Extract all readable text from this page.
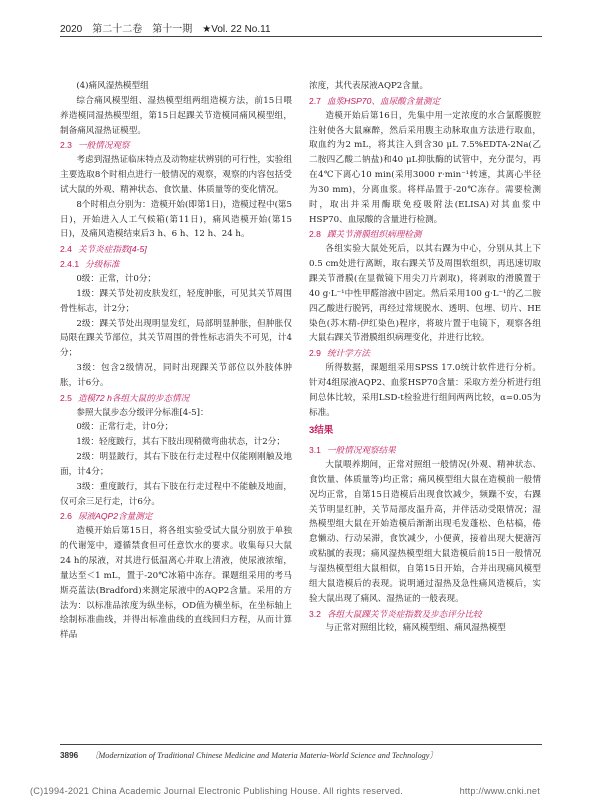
2020　第二十二卷　第十一期　★Vol. 22 No.11

(4)痛风湿热模型组

综合痛风模型组、湿热模型组两组造模方法，前15日喂养造模同湿热模型组，第15日起踝关节造模同痛风模型组，制备痛风湿热证模型。

2.3 一般情况观察

考虑到湿热证临床特点及动物症状辨别的可行性，实验组主要选取8个时相点进行一般情况的观察，观察的内容包括受试大鼠的外观、精神状态、食饮量、体质量等的变化情况。

8个时相点分别为：造模开始(即第1日)，造模过程中(第5日)，开始进入人工气候箱(第11日)，痛风造模开始(第15日)，及痛风造模结束后3 h、6 h、12 h、24 h。

2.4 关节炎症指数[4-5]
2.4.1 分级标准

0级：正常，计0分；

1级：踝关节处初皮肤发红，轻度肿胀，可见其关节周围骨性标志，计2分；

2级：踝关节处出现明显发红，局部明显肿胀，但肿胀仅局限在踝关节部位，其关节周围的骨性标志消失不可见，计4分；

3级：包含2级情况，同时出现踝关节部位以外肢体肿胀，计6分。

2.5 造模72 h各组大鼠的步态情况

参照大鼠步态分级评分标准[4-5]：

0级：正常行走，计0分；

1级：轻度跛行，其右下肢出现稍微弯曲状态，计2分；

2级：明显跛行，其右下肢在行走过程中仅能刚刚触及地面，计4分；

3级：重度跛行，其右下肢在行走过程中不能触及地面，仅可余三足行走，计6分。

2.6 尿液AQP2含量测定

造模开始后第15日，将各组实验受试大鼠分别放于单独的代谢笼中，遵循禁食但可任意饮水的要求。收集每只大鼠24 h的尿液，对其进行低温离心并取上清液，使尿液浓缩，量达至＜1 mL，置于-20℃冰箱中冻存。课题组采用的考马斯亮蓝法(Bradford)来测定尿液中的AQP2含量。采用的方法为：以标准品浓度为纵坐标，OD值为横坐标，在坐标轴上绘制标准曲线，并得出标准曲线的直线回归方程，从而计算样品

浓度，其代表尿液AQP2含量。

2.7 血浆HSP70、血尿酸含量测定

造模开始后第16日，先集中用一定浓度的水合氯醛腹腔注射使各大鼠麻醉，然后采用腹主动脉取血方法进行取血，取血约为2 mL，将其注入到含30 μL 7.5%EDTA-2Na(乙二胺四乙酸二钠盐)和40 μL抑肽酶的试管中，充分混匀，再在4℃下离心10 min(采用3000 r·min⁻¹转速，其离心半径为30 mm)，分离血浆。将样品置于-20℃冻存。需要检测时，取出并采用酶联免疫吸附法(ELISA)对其血浆中HSP70、血尿酸的含量进行检测。

2.8 踝关节滑膜组织病理检测

各组实验大鼠处死后，以其右踝为中心，分别从其上下0.5 cm处进行离断，取右踝关节及周围软组织，再迅速切取踝关节滑膜(在显微镜下用尖刀片剥取)，将剥取的滑膜置于40 g·L⁻¹中性甲醛溶液中固定。然后采用100 g·L⁻¹的乙二胺四乙酸进行脱钙，再经过常规脱水、透明、包埋、切片、HE染色(苏木精-伊红染色)程序，将玻片置于电镜下，观察各组大鼠右踝关节滑膜组织病理变化，并进行比较。

2.9 统计学方法

所得数据，课题组采用SPSS 17.0统计软件进行分析。针对4组尿液AQP2、血浆HSP70含量：采取方差分析进行组间总体比较，采用LSD-t检验进行组间两两比较，α=0.05为标准。

3结果
3.1 一般情况观察结果

大鼠喂养期间，正常对照组一般情况(外观、精神状态、食饮量、体质量等)均正常；痛风模型组大鼠在造模前一般情况均正常，自第15日造模后出现食饮减少，频躁不安，右踝关节明显红肿，关节局部皮温升高，并伴活动受限情况；湿热模型组大鼠在开始造模后渐渐出现毛发蓬松、色枯槁，倦怠懒动、行动呆滞，食饮减少，小便黄，接着出现大便溏泻或粘腻的表现；痛风湿热模型组大鼠造模后前15日一般情况与湿热模型组大鼠相似，自第15日开始，合并出现痛风模型组大鼠造模后的表现。说明通过湿热及急性痛风造模后，实验大鼠出现了痛风、湿热证的一般表现。

3.2 各组大鼠踝关节炎症指数及步态评分比较

与正常对照组比较，痛风模型组、痛风湿热模型

3896 〔Modernization of Traditional Chinese Medicine and Materia Materia-World Science and Technology〕
(C)1994-2021 China Academic Journal Electronic Publishing House. All rights reserved.	http://www.cnki.net
